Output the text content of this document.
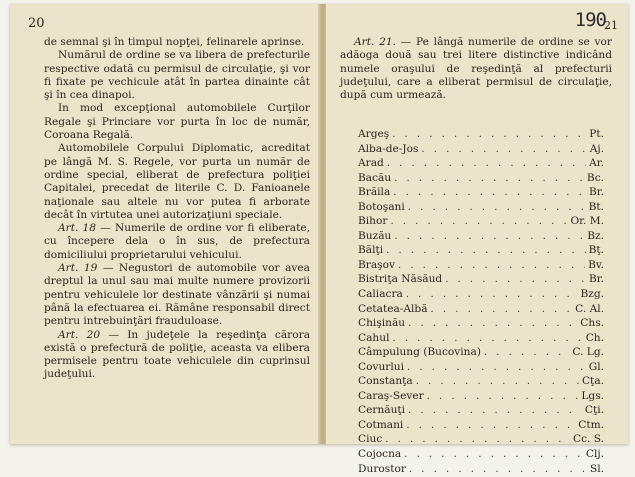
20

de semnal şi în timpul nopţei, felinarele aprinse.

Numărul de ordine se va libera de prefecturile respective odată cu permisul de circulaţie, şi vor fi fixate pe vechicule atât în partea dinainte cât şi în cea dinapoi.

In mod excepţional automobilele Curţilor Regale şi Princiare vor purta în loc de număr, Coroana Regală.

Automobilele Corpului Diplomatic, acreditat pe lângă M. S. Regele, vor purta un număr de ordine special, eliberat de prefectura poliţiei Capitalei, precedat de literile C. D. Fanioanele naţionale sau altele nu vor putea fi arborate decât în virtutea unei autorizaţiuni speciale.

Art. 18 — Numerile de ordine vor fi eliberate, cu începere dela o în sus, de prefectura domiciliului proprietarului vehicului.

Art. 19 — Negustori de automobile vor avea dreptul la unul sau mai multe numere provizorii pentru vehiculele lor destinate vânzării şi numai până la efectuarea ei. Rămâne responsabil direct pentru intrebuinţări frauduloase.

Art. 20 — In judeţele la reşedinţa cărora există o prefectură de poliţie, aceasta va elibera permisele pentru toate vehiculele din cuprinsul judeţului.

190
21

Art. 21. — Pe lângă numerile de ordine se vor adăoga două sau trei litere distinctive indicând numele oraşului de reşedinţă al prefecturii judeţului, care a eliberat permisul de circulaţie, după cum urmează.

Argeş . . .	Pt.
Alba-de-Jos . . .	Aj.
Arad . . .	Ar.
Bacău . . .	Bc.
Brăila . . .	Br.
Botoşani . . .	Bt.
Bihor . . .	Or. M.
Buzău . . .	Bz.
Bălţi . . .	Bţ.
Braşov . . .	Bv.
Bistriţa Năsăud . . .	Br.
Caliacra . . .	Bzg.
Cetatea-Albă . . .	C. Al.
Chişinău . . .	Chs.
Cahul . . .	Ch.
Câmpulung (Bucovina) . . .	C. Lg.
Covurlui . . .	Gl.
Constanţa . . .	Cţa.
Caraş-Sever . . .	Lgs.
Cernăuţi . . .	Cţi.
Cotmani . . .	Ctm.
Ciuc . . .	Cc. S.
Cojocna . . .	Clj.
Durostor . . .	Sl.
